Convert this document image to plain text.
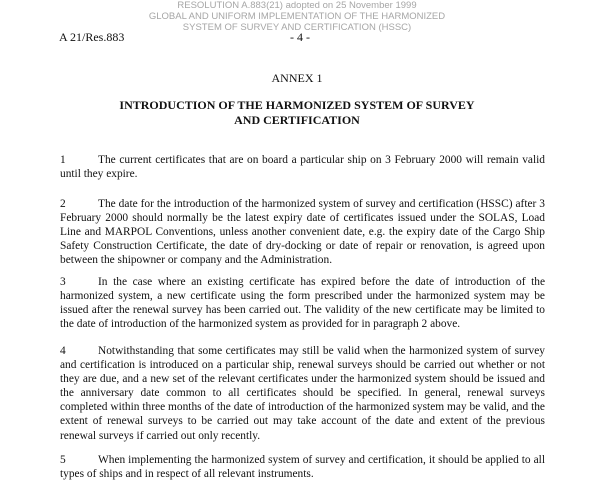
RESOLUTION A.883(21) adopted on 25 November 1999
GLOBAL AND UNIFORM IMPLEMENTATION OF THE HARMONIZED
SYSTEM OF SURVEY AND CERTIFICATION (HSSC)
A 21/Res.883	- 4 -
ANNEX 1
INTRODUCTION OF THE HARMONIZED SYSTEM OF SURVEY
AND CERTIFICATION
1	The current certificates that are on board a particular ship on 3 February 2000 will remain valid until they expire.
2	The date for the introduction of the harmonized system of survey and certification (HSSC) after 3 February 2000 should normally be the latest expiry date of certificates issued under the SOLAS, Load Line and MARPOL Conventions, unless another convenient date, e.g. the expiry date of the Cargo Ship Safety Construction Certificate, the date of dry-docking or date of repair or renovation, is agreed upon between the shipowner or company and the Administration.
3	In the case where an existing certificate has expired before the date of introduction of the harmonized system, a new certificate using the form prescribed under the harmonized system may be issued after the renewal survey has been carried out. The validity of the new certificate may be limited to the date of introduction of the harmonized system as provided for in paragraph 2 above.
4	Notwithstanding that some certificates may still be valid when the harmonized system of survey and certification is introduced on a particular ship, renewal surveys should be carried out whether or not they are due, and a new set of the relevant certificates under the harmonized system should be issued and the anniversary date common to all certificates should be specified. In general, renewal surveys completed within three months of the date of introduction of the harmonized system may be valid, and the extent of renewal surveys to be carried out may take account of the date and extent of the previous renewal surveys if carried out only recently.
5	When implementing the harmonized system of survey and certification, it should be applied to all types of ships and in respect of all relevant instruments.
